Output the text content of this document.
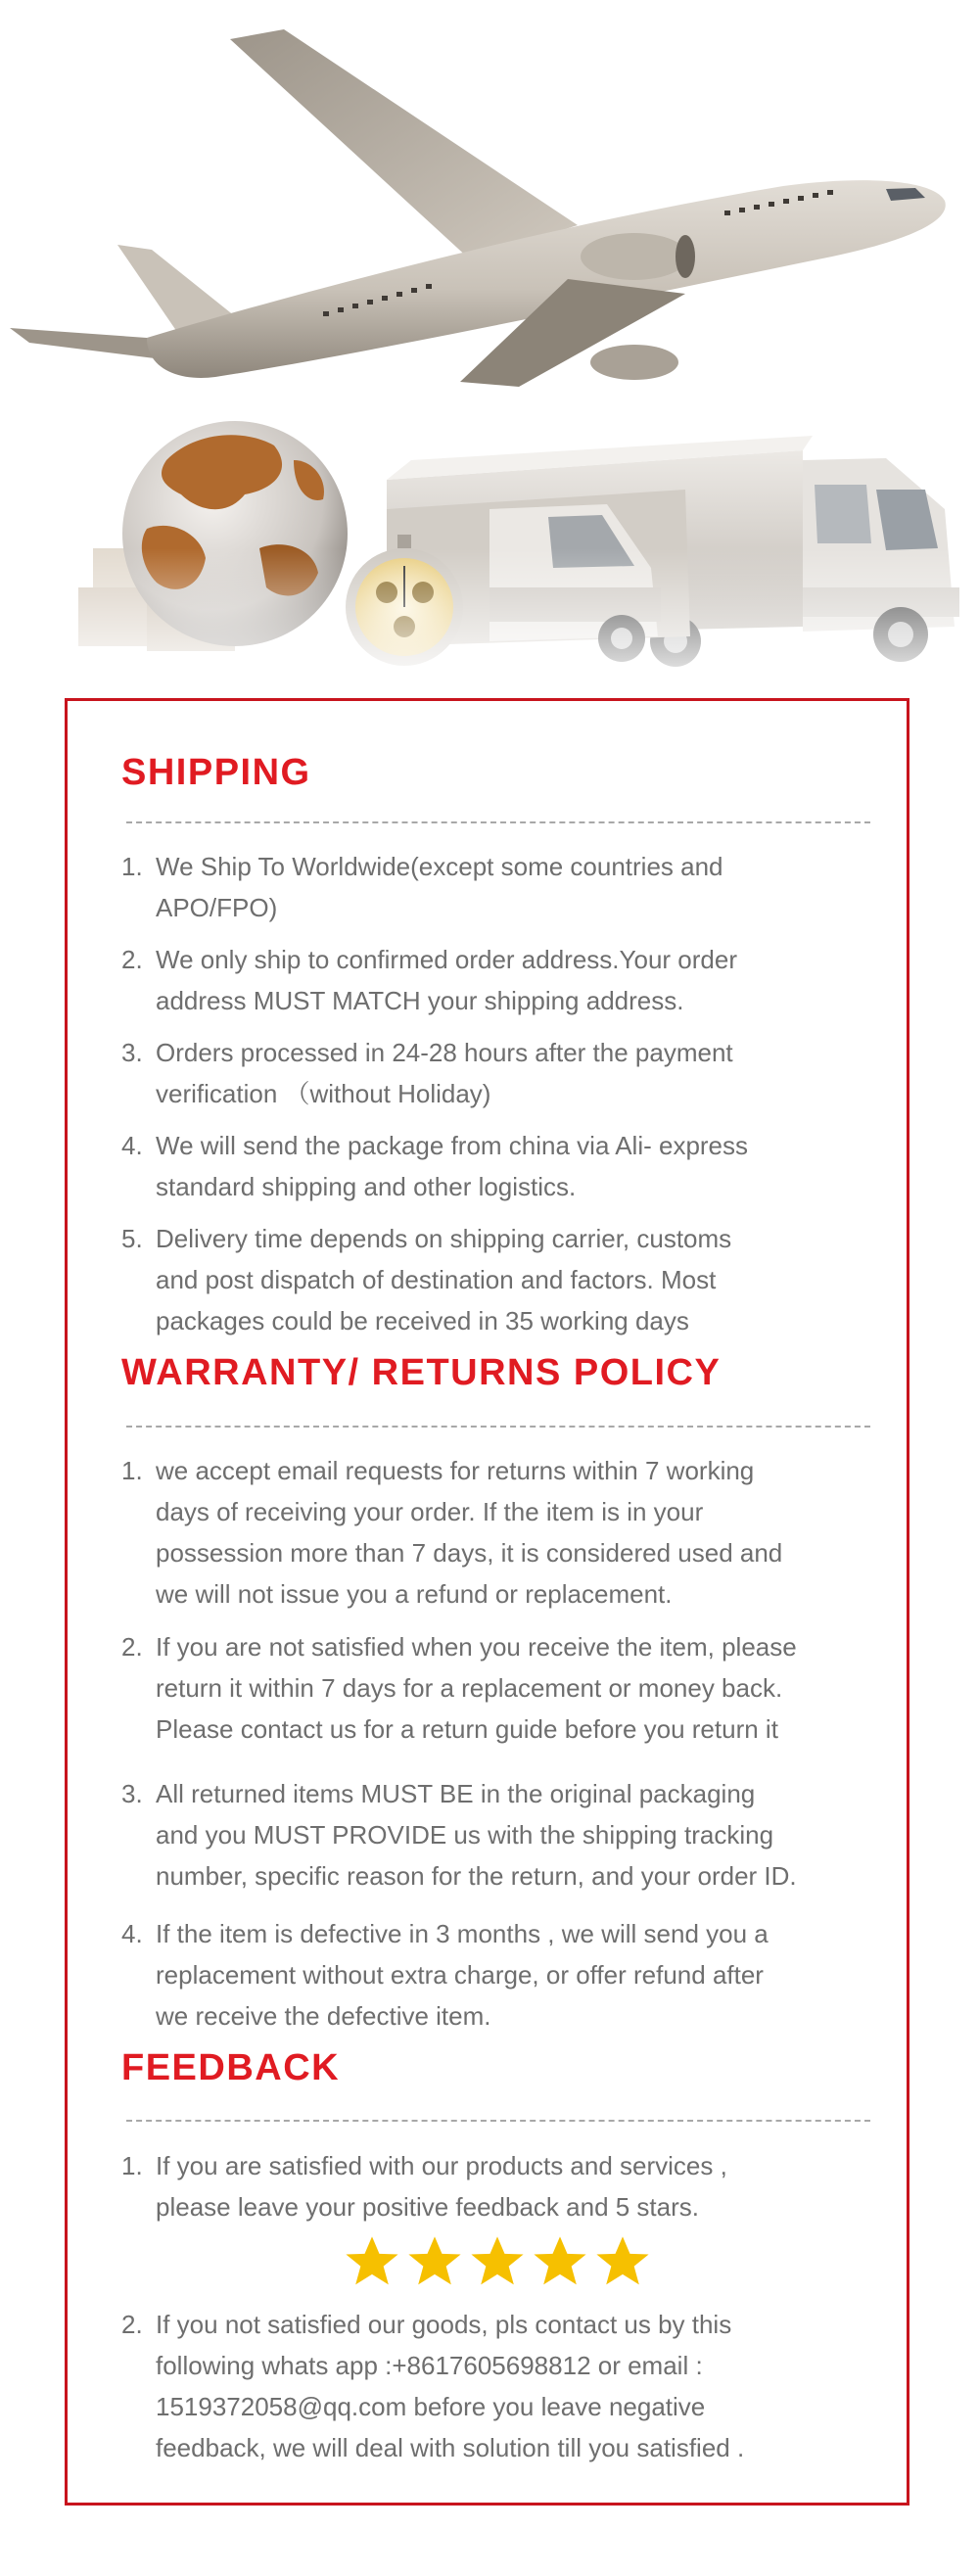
SHIPPING
1. We Ship To Worldwide(except some countries and
APO/FPO)
2. We only ship to confirmed order address.Your order
address MUST MATCH your shipping address.
3. Orders processed in 24-28 hours after the payment
verification （without Holiday)
4. We will send the package from china via Ali- express
standard shipping and other logistics.
5. Delivery time depends on shipping carrier, customs
and post dispatch of destination and factors. Most
packages could be received in 35 working days
WARRANTY/ RETURNS POLICY
1. we accept email requests for returns within 7 working
days of receiving your order. If the item is in your
possession more than 7 days, it is considered used and
we will not issue you a refund or replacement.
2. If you are not satisfied when you receive the item, please
return it within 7 days for a replacement or money back.
Please contact us for a return guide before you return it
3. All returned items MUST BE in the original packaging
and you MUST PROVIDE us with the shipping tracking
number, specific reason for the return, and your order ID.
4. If the item is defective in 3 months , we will send you a
replacement without extra charge, or offer refund after
we receive the defective item.
FEEDBACK
1. If you are satisfied with our products and services ,
please leave your positive feedback and 5 stars.
2. If you not satisfied our goods, pls contact us by this
following whats app :+8617605698812 or email :
1519372058@qq.com before you leave negative
feedback, we will deal with solution till you satisfied .
